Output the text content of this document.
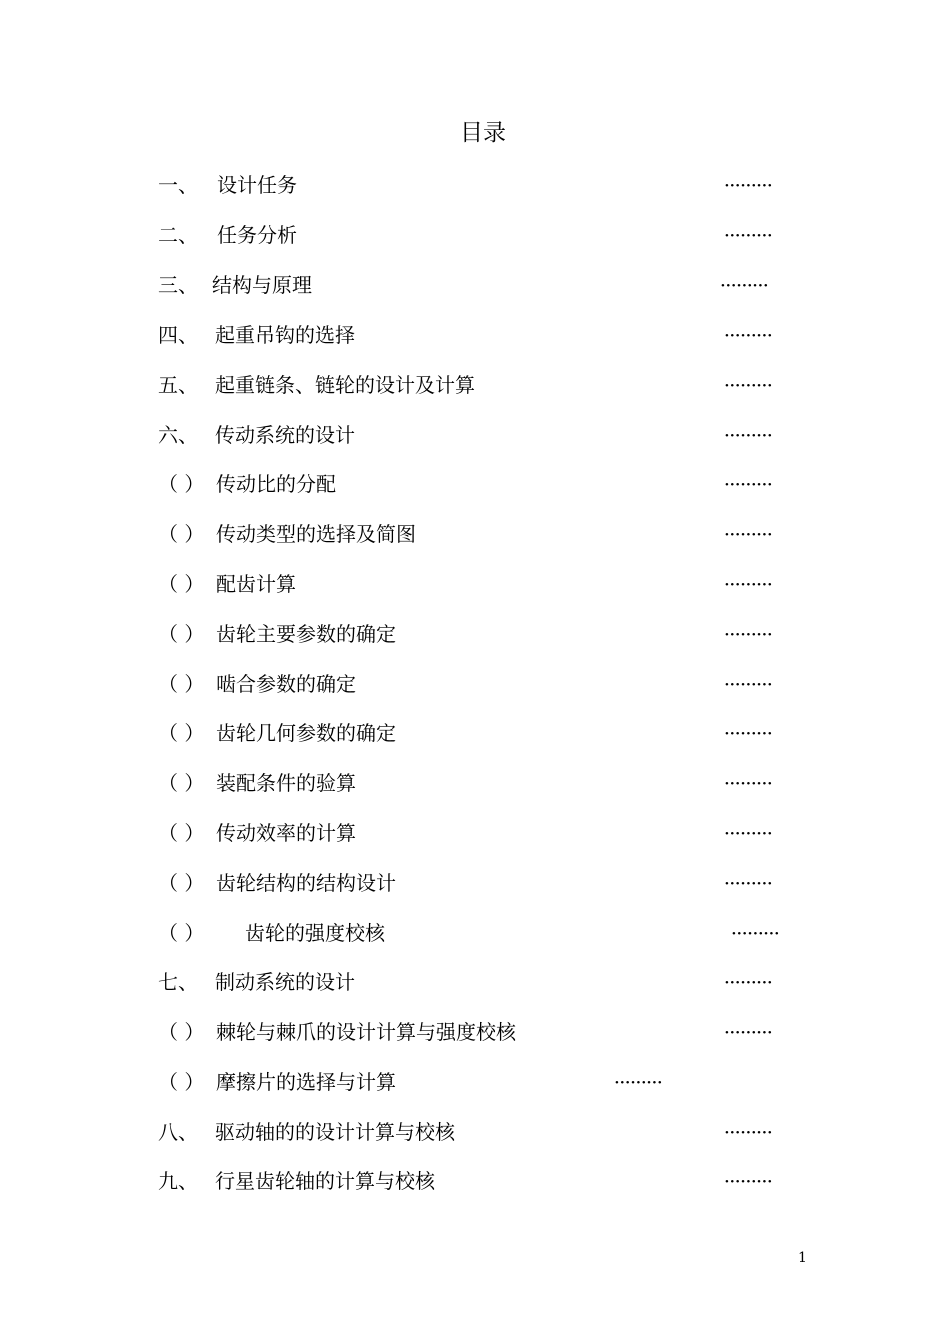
目录
一、 设计任务	·········
二、 任务分析	·········
三、 结构与原理	·········
四、 起重吊钩的选择	·········
五、 起重链条、链轮的设计及计算	·········
六、 传动系统的设计	·········
（ ） 传动比的分配	·········
（ ） 传动类型的选择及简图	·········
（ ） 配齿计算	·········
（ ） 齿轮主要参数的确定	·········
（ ） 啮合参数的确定	·········
（ ） 齿轮几何参数的确定	·········
（ ） 装配条件的验算	·········
（ ） 传动效率的计算	·········
（ ） 齿轮结构的结构设计	·········
（ ） 齿轮的强度校核	·········
七、 制动系统的设计	·········
（ ） 棘轮与棘爪的设计计算与强度校核	·········
（ ） 摩擦片的选择与计算	·········
八、 驱动轴的的设计计算与校核	·········
九、 行星齿轮轴的计算与校核	·········
1
